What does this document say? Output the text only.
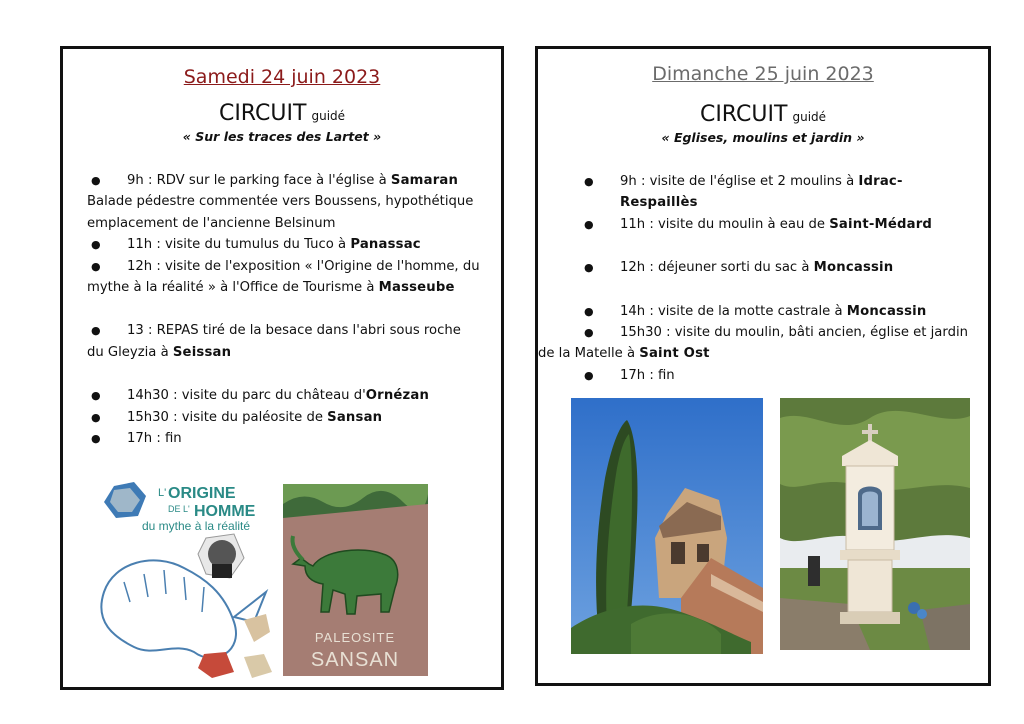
Samedi 24 juin 2023
CIRCUIT guidé
« Sur les traces des Lartet »
●	9h : RDV sur le parking face à l'église à Samaran
Balade pédestre commentée vers Boussens, hypothétique emplacement de l'ancienne Belsinum
●	11h : visite du tumulus du Tuco à Panassac
●	12h : visite de l'exposition « l'Origine de l'homme, du mythe à la réalité » à l'Office de Tourisme à Masseube
●	13 : REPAS tiré de la besace dans l'abri sous roche du Gleyzia à Seissan
●	14h30 : visite du parc du château d'Ornézan
●	15h30 : visite du paléosite de Sansan
●	17h : fin
L' ORIGINE
DE L' HOMME
du mythe à la réalité
PALEOSITE
SANSAN
Dimanche 25 juin 2023
CIRCUIT guidé
« Eglises, moulins et jardin »
●	9h : visite de l'église et 2 moulins à Idrac-Respaillès
●	11h : visite du moulin à eau de Saint-Médard
●	12h : déjeuner sorti du sac à Moncassin
●	14h : visite de la motte castrale à Moncassin
●	15h30 : visite du moulin, bâti ancien, église et jardin de la Matelle à Saint Ost
●	17h : fin
